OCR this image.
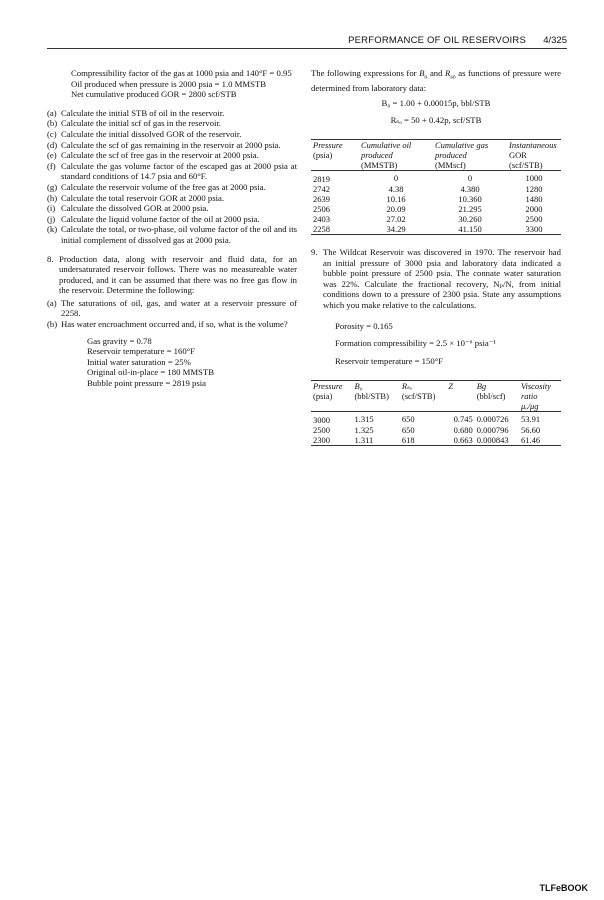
PERFORMANCE OF OIL RESERVOIRS 4/325
Compressibility factor of the gas at 1000 psia and 140°F = 0.95
Oil produced when pressure is 2000 psia = 1.0 MMSTB
Net cumulative produced GOR = 2800 scf/STB
(a) Calculate the initial STB of oil in the reservoir.
(b) Calculate the initial scf of gas in the reservoir.
(c) Calculate the initial dissolved GOR of the reservoir.
(d) Calculate the scf of gas remaining in the reservoir at 2000 psia.
(e) Calculate the scf of free gas in the reservoir at 2000 psia.
(f) Calculate the gas volume factor of the escaped gas at 2000 psia at standard conditions of 14.7 psia and 60°F.
(g) Calculate the reservoir volume of the free gas at 2000 psia.
(h) Calculate the total reservoir GOR at 2000 psia.
(i) Calculate the dissolved GOR at 2000 psia.
(j) Calculate the liquid volume factor of the oil at 2000 psia.
(k) Calculate the total, or two-phase, oil volume factor of the oil and its initial complement of dissolved gas at 2000 psia.
8. Production data, along with reservoir and fluid data, for an undersaturated reservoir follows. There was no measureable water produced, and it can be assumed that there was no free gas flow in the reservoir. Determine the following:
(a) The saturations of oil, gas, and water at a reservoir pressure of 2258.
(b) Has water encroachment occurred and, if so, what is the volume?
Gas gravity = 0.78
Reservoir temperature = 160°F
Initial water saturation = 25%
Original oil-in-place = 180 MMSTB
Bubble point pressure = 2819 psia
The following expressions for $B_o$ and $R_{so}$ as functions of pressure were determined from laboratory data:
B₀ = 1.00 + 0.00015p, bbl/STB
Rₛₒ = 50 + 0.42p, scf/STB
Pressure	Cumulative oil	Cumulative gas	Instantaneous
(psia)	produced	produced	GOR
	(MMSTB)	(MMscf)	(scf/STB)
2819	0	0	1000
2742	4.38	4.380	1280
2639	10.16	10.360	1480
2506	20.09	21.295	2000
2403	27.02	30.260	2500
2258	34.29	41.150	3300
9. The Wildcat Reservoir was discovered in 1970. The reservoir had an initial pressure of 3000 psia and laboratory data indicated a bubble point pressure of 2500 psia. The connate water saturation was 22%. Calculate the fractional recovery, Nₚ/N, from initial conditions down to a pressure of 2300 psia. State any assumptions which you make relative to the calculations.
Porosity = 0.165
Formation compressibility = 2.5 × 10⁻⁶ psia⁻¹
Reservoir temperature = 150°F
Pressure	B₀	Rₛₒ	Z	Bg	Viscosity
(psia)	(bbl/STB)	(scf/STB)		(bbl/scf)	ratio
					μₒ/μg
3000	1.315	650	0.745	0.000726	53.91
2500	1.325	650	0.680	0.000796	56.60
2300	1.311	618	0.663	0.000843	61.46
TLFeBOOK
